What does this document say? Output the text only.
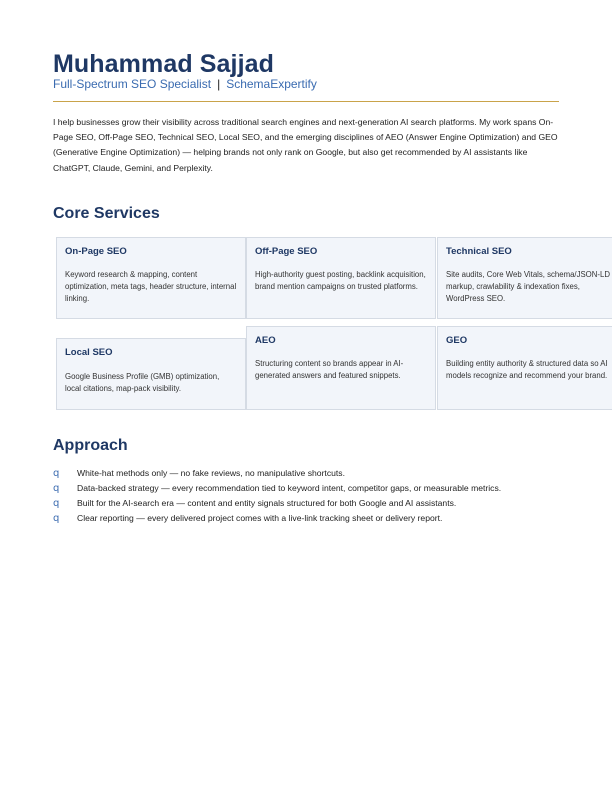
Muhammad Sajjad
Full-Spectrum SEO Specialist | SchemaExpertify

I help businesses grow their visibility across traditional search engines and next-generation AI search platforms. My work spans On-Page SEO, Off-Page SEO, Technical SEO, Local SEO, and the emerging disciplines of AEO (Answer Engine Optimization) and GEO (Generative Engine Optimization) — helping brands not only rank on Google, but also get recommended by AI assistants like ChatGPT, Claude, Gemini, and Perplexity.

Core Services
On-Page SEO
Keyword research & mapping, content optimization, meta tags, header structure, internal linking.
Off-Page SEO
High-authority guest posting, backlink acquisition, brand mention campaigns on trusted platforms.
Technical SEO
Site audits, Core Web Vitals, schema/JSON-LD markup, crawlability & indexation fixes, WordPress SEO.
Local SEO
Google Business Profile (GMB) optimization, local citations, map-pack visibility.
AEO
Structuring content so brands appear in AI-generated answers and featured snippets.
GEO
Building entity authority & structured data so AI models recognize and recommend your brand.
Approach
q White-hat methods only — no fake reviews, no manipulative shortcuts.
q Data-backed strategy — every recommendation tied to keyword intent, competitor gaps, or measurable metrics.
q Built for the AI-search era — content and entity signals structured for both Google and AI assistants.
q Clear reporting — every delivered project comes with a live-link tracking sheet or delivery report.
